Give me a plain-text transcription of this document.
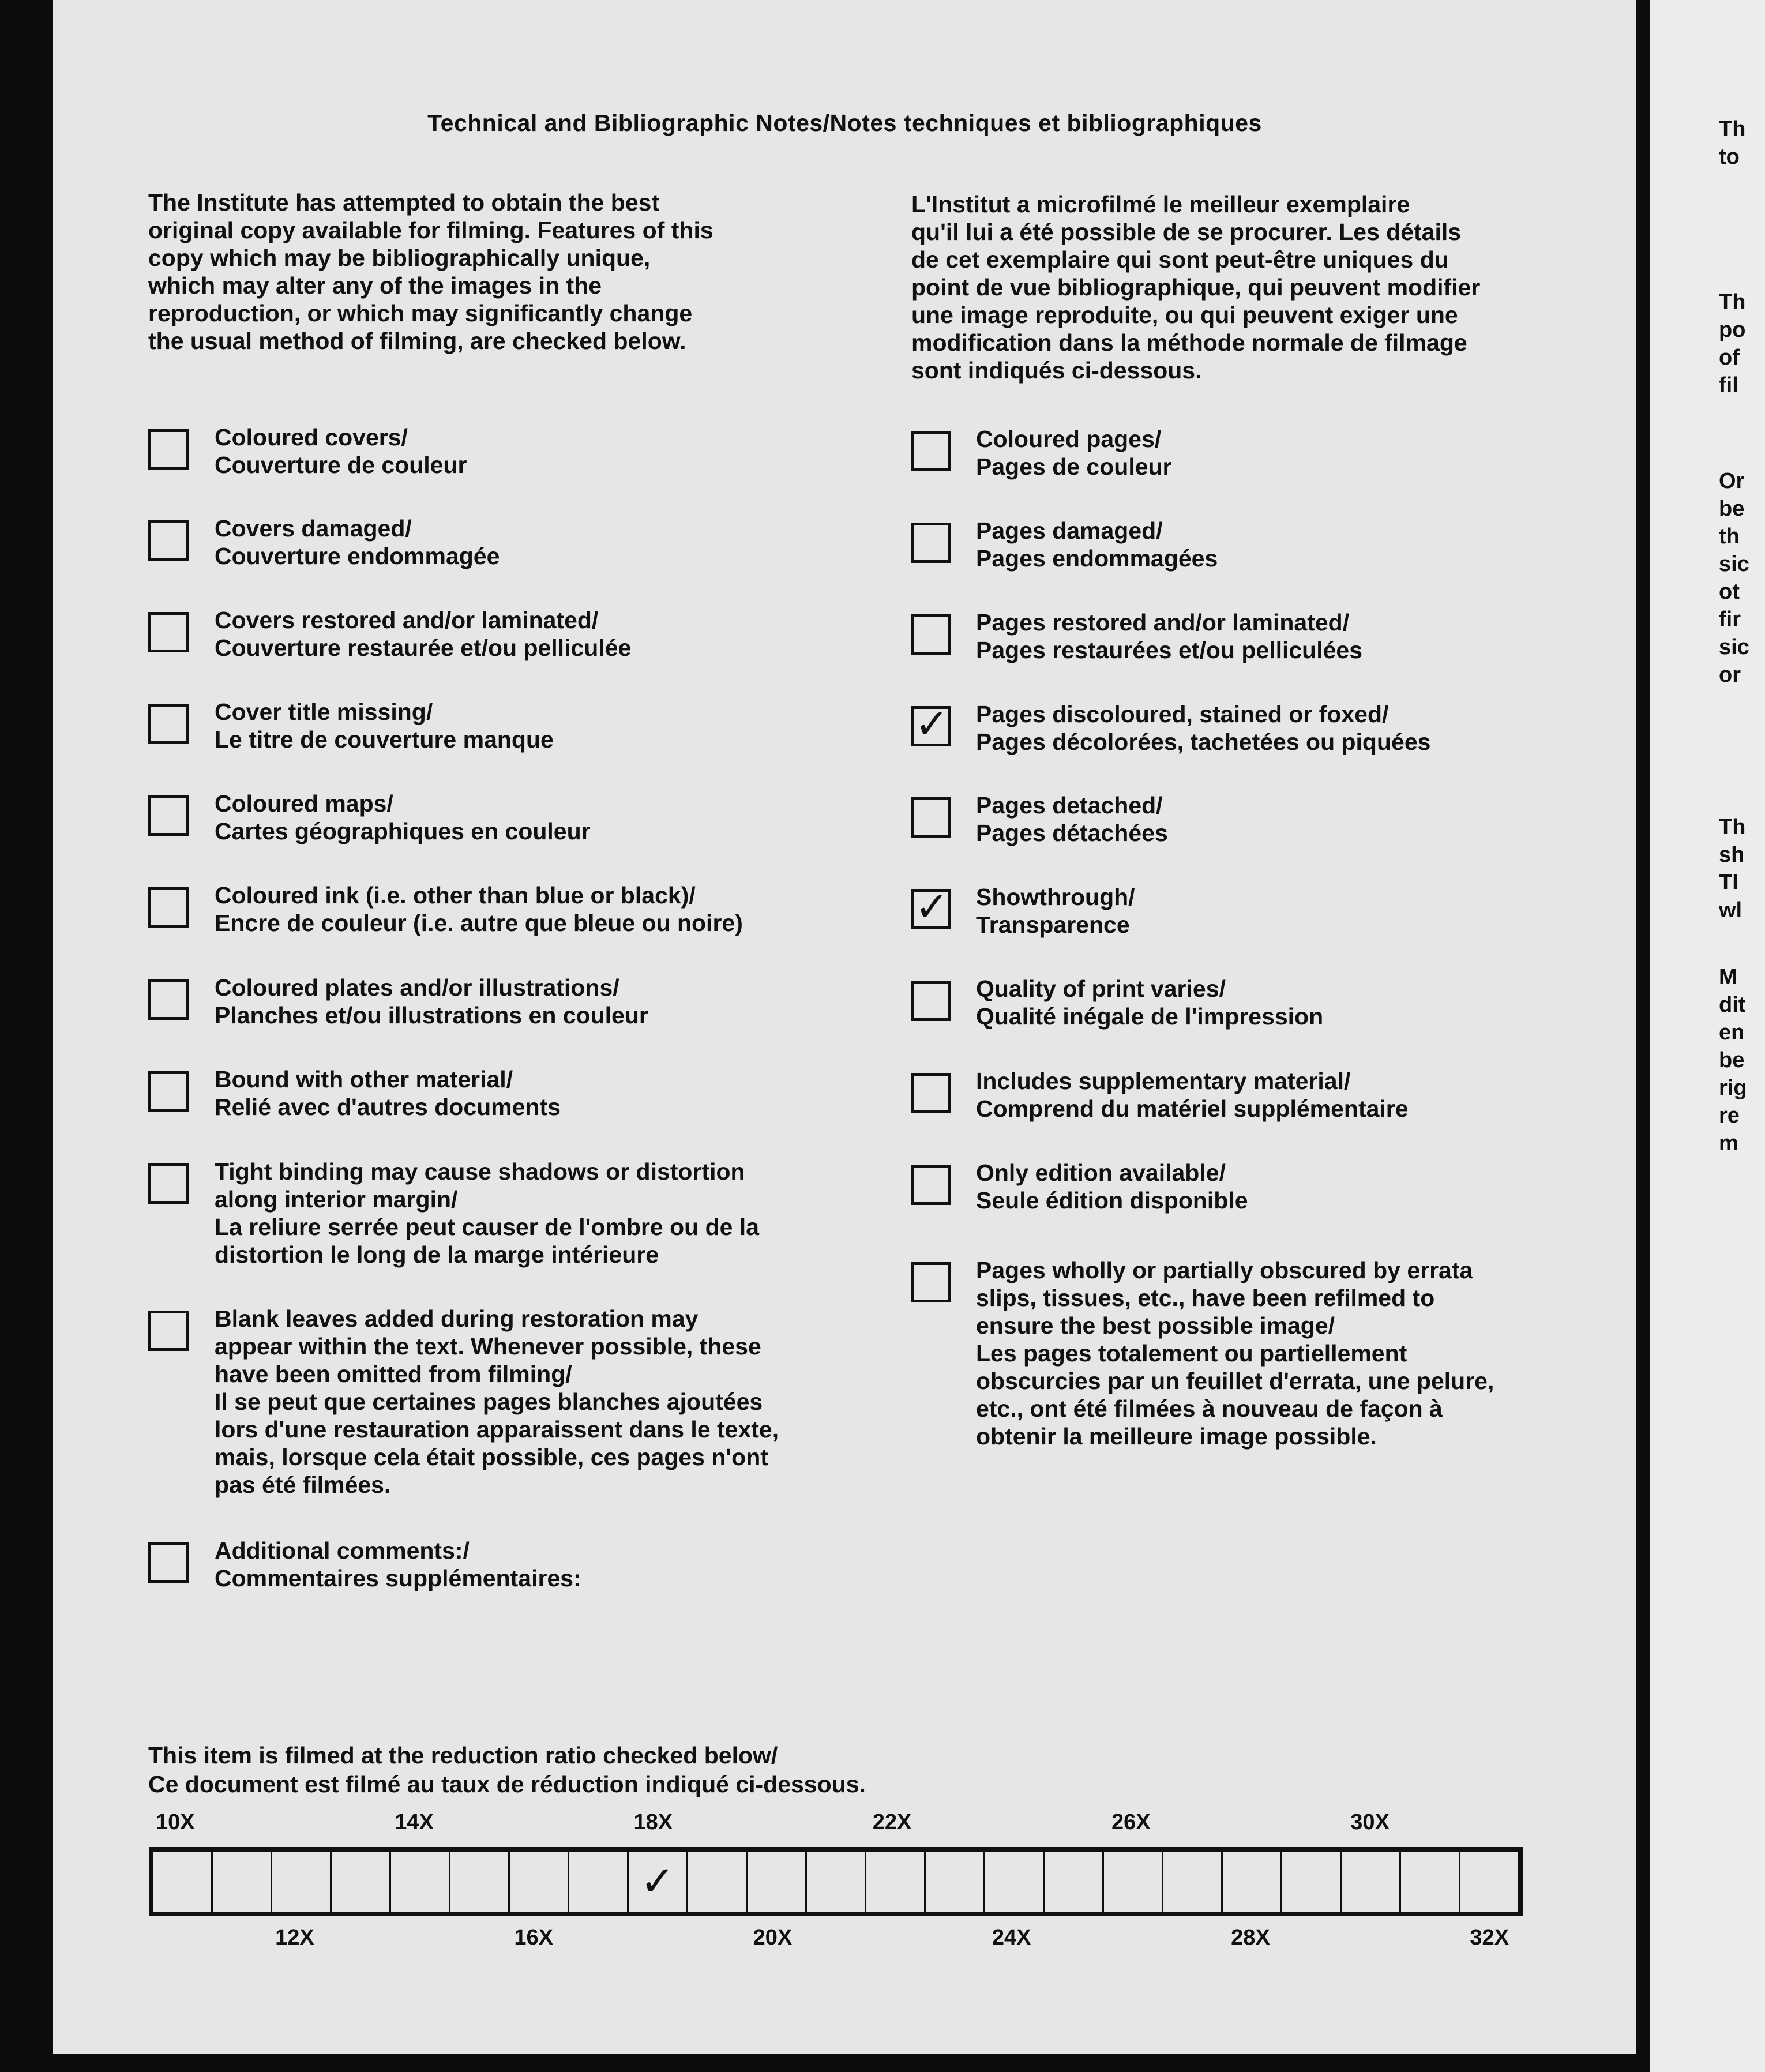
Technical and Bibliographic Notes/Notes techniques et bibliographiques
The Institute has attempted to obtain the best
original copy available for filming. Features of this
copy which may be bibliographically unique,
which may alter any of the images in the
reproduction, or which may significantly change
the usual method of filming, are checked below.
L'Institut a microfilmé le meilleur exemplaire
qu'il lui a été possible de se procurer. Les détails
de cet exemplaire qui sont peut-être uniques du
point de vue bibliographique, qui peuvent modifier
une image reproduite, ou qui peuvent exiger une
modification dans la méthode normale de filmage
sont indiqués ci-dessous.
Coloured covers/
Couverture de couleur
Covers damaged/
Couverture endommagée
Covers restored and/or laminated/
Couverture restaurée et/ou pelliculée
Cover title missing/
Le titre de couverture manque
Coloured maps/
Cartes géographiques en couleur
Coloured ink (i.e. other than blue or black)/
Encre de couleur (i.e. autre que bleue ou noire)
Coloured plates and/or illustrations/
Planches et/ou illustrations en couleur
Bound with other material/
Relié avec d'autres documents
Tight binding may cause shadows or distortion
along interior margin/
La reliure serrée peut causer de l'ombre ou de la
distortion le long de la marge intérieure
Blank leaves added during restoration may
appear within the text. Whenever possible, these
have been omitted from filming/
Il se peut que certaines pages blanches ajoutées
lors d'une restauration apparaissent dans le texte,
mais, lorsque cela était possible, ces pages n'ont
pas été filmées.
Additional comments:/
Commentaires supplémentaires:
Coloured pages/
Pages de couleur
Pages damaged/
Pages endommagées
Pages restored and/or laminated/
Pages restaurées et/ou pelliculées
✓ Pages discoloured, stained or foxed/
Pages décolorées, tachetées ou piquées
Pages detached/
Pages détachées
✓ Showthrough/
Transparence
Quality of print varies/
Qualité inégale de l'impression
Includes supplementary material/
Comprend du matériel supplémentaire
Only edition available/
Seule édition disponible
Pages wholly or partially obscured by errata
slips, tissues, etc., have been refilmed to
ensure the best possible image/
Les pages totalement ou partiellement
obscurcies par un feuillet d'errata, une pelure,
etc., ont été filmées à nouveau de façon à
obtenir la meilleure image possible.
This item is filmed at the reduction ratio checked below/
Ce document est filmé au taux de réduction indiqué ci-dessous.
10X	14X	18X	22X	26X	30X
12X	16X	20X	24X	28X	32X
✓
Th
to
Th
po
of
fil
Or
be
th
sic
ot
fir
sic
or
Th
sh
TI
wl
M
dit
en
be
rig
re
m
